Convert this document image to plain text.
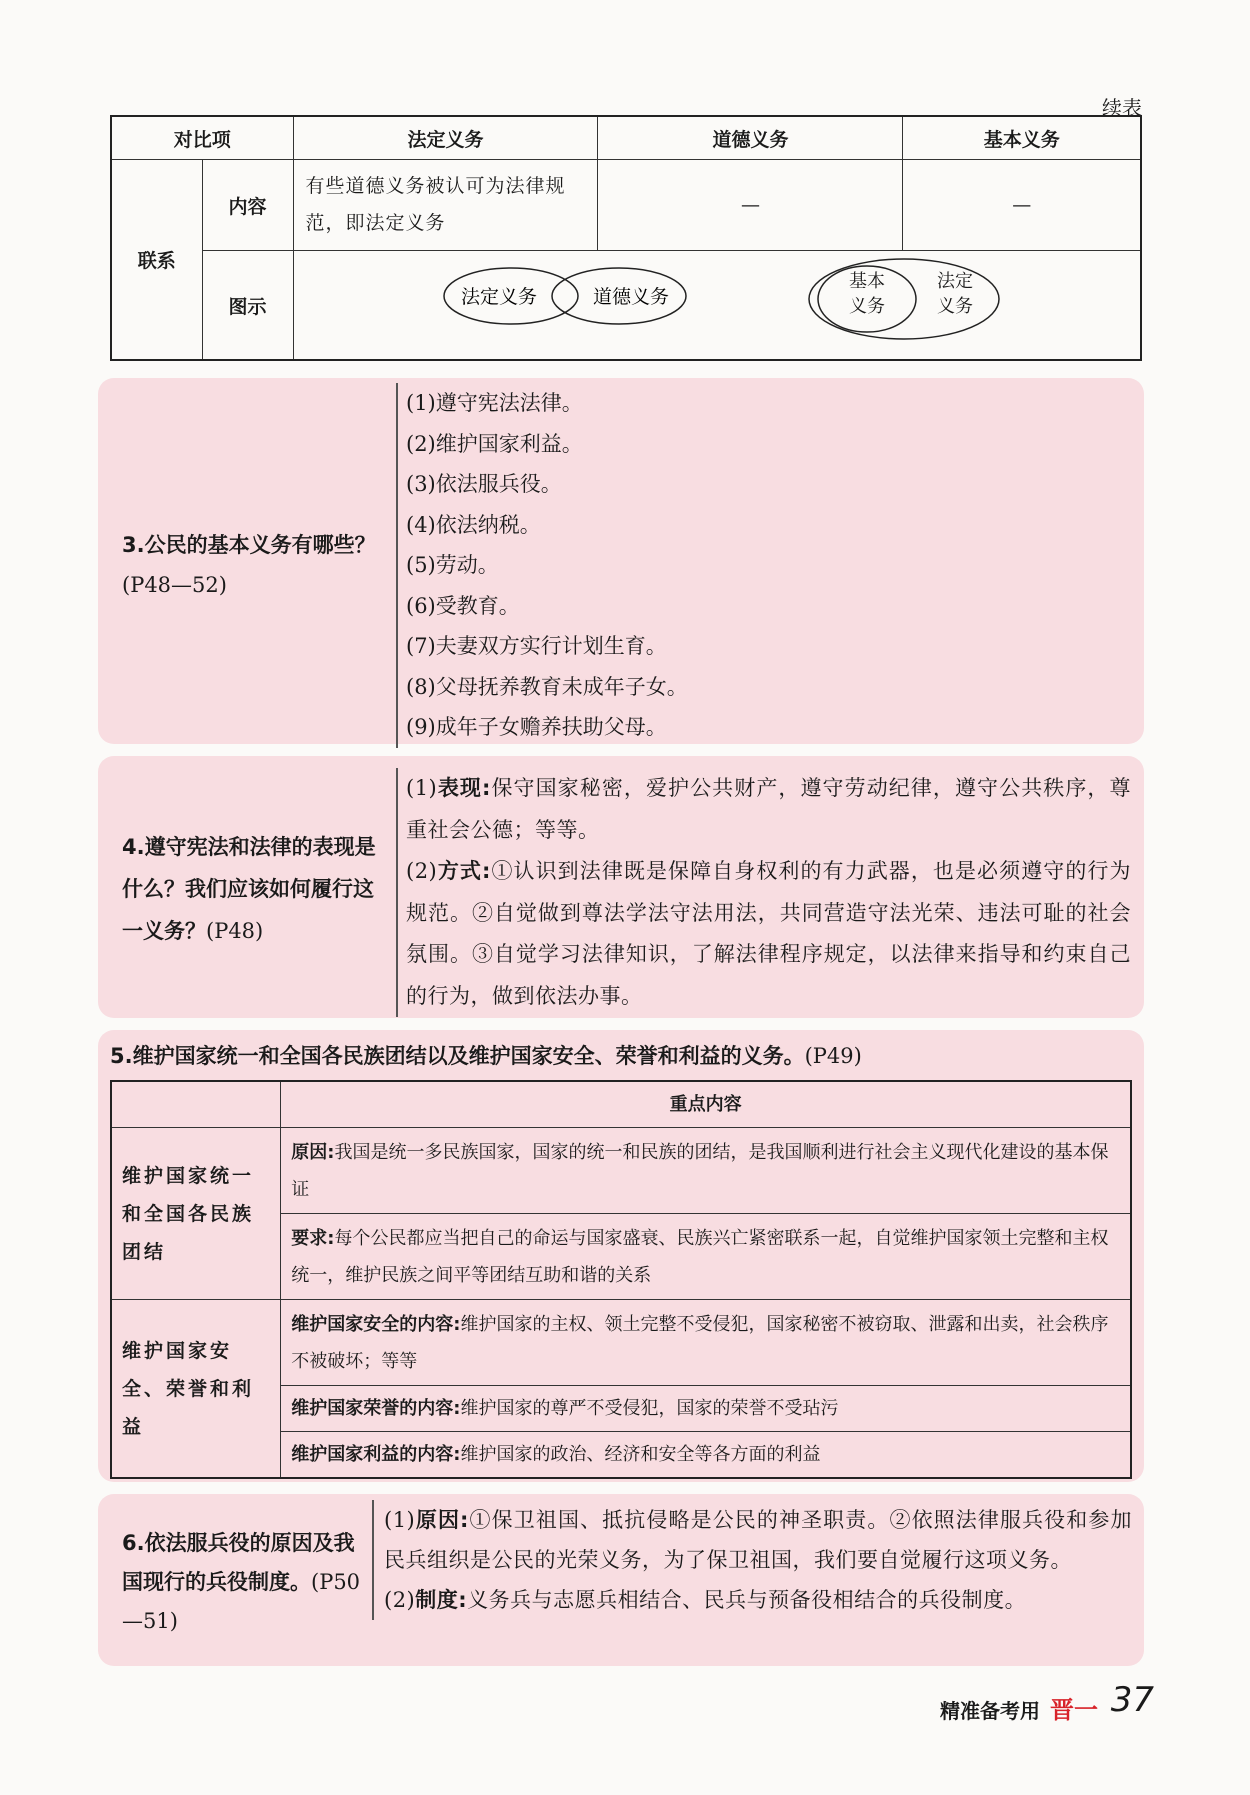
续表
对比项		法定义务	道德义务	基本义务
联系	内容	有些道德义务被认可为法律规范，即法定义务	—	—
	图示	法定义务 道德义务
基本义务
法定义务		
3.公民的基本义务有哪些？(P48—52)
(1)遵守宪法法律。
(2)维护国家利益。
(3)依法服兵役。
(4)依法纳税。
(5)劳动。
(6)受教育。
(7)夫妻双方实行计划生育。
(8)父母抚养教育未成年子女。
(9)成年子女赡养扶助父母。
4.遵守宪法和法律的表现是什么？我们应该如何履行这一义务？(P48)
(1)表现:保守国家秘密，爱护公共财产，遵守劳动纪律，遵守公共秩序，尊重社会公德；等等。
(2)方式:①认识到法律既是保障自身权利的有力武器，也是必须遵守的行为规范。②自觉做到尊法学法守法用法，共同营造守法光荣、违法可耻的社会氛围。③自觉学习法律知识，了解法律程序规定，以法律来指导和约束自己的行为，做到依法办事。
5.维护国家统一和全国各民族团结以及维护国家安全、荣誉和利益的义务。(P49)
	重点内容
维护国家统一和全国各民族团结	原因:我国是统一多民族国家，国家的统一和民族的团结，是我国顺利进行社会主义现代化建设的基本保证
	要求:每个公民都应当把自己的命运与国家盛衰、民族兴亡紧密联系一起，自觉维护国家领土完整和主权统一，维护民族之间平等团结互助和谐的关系
维护国家安全、荣誉和利益	维护国家安全的内容:维护国家的主权、领土完整不受侵犯，国家秘密不被窃取、泄露和出卖，社会秩序不被破坏；等等
	维护国家荣誉的内容:维护国家的尊严不受侵犯，国家的荣誉不受玷污
	维护国家利益的内容:维护国家的政治、经济和安全等各方面的利益
6.依法服兵役的原因及我国现行的兵役制度。(P50—51)
(1)原因:①保卫祖国、抵抗侵略是公民的神圣职责。②依照法律服兵役和参加民兵组织是公民的光荣义务，为了保卫祖国，我们要自觉履行这项义务。
(2)制度:义务兵与志愿兵相结合、民兵与预备役相结合的兵役制度。
精准备考用 晋一 37
